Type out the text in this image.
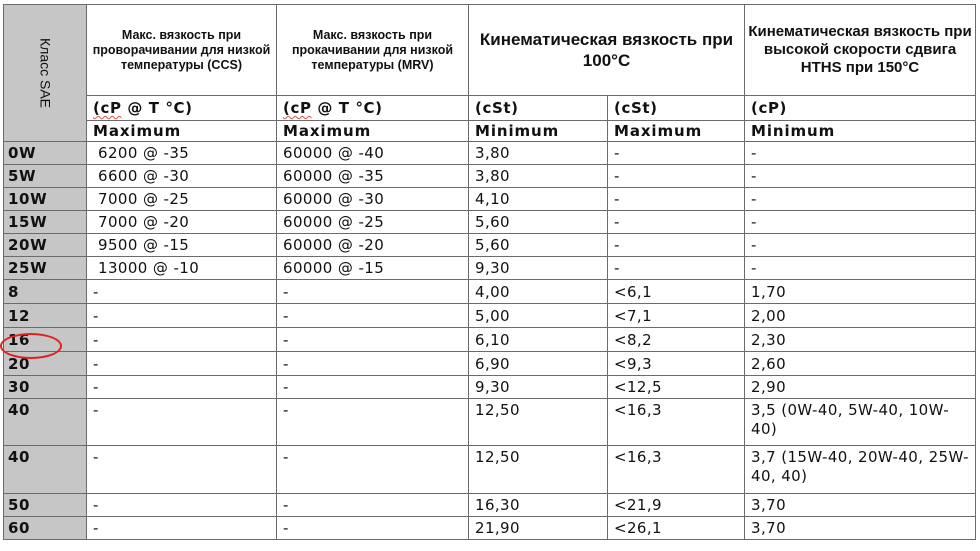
Класс SAE	Макс. вязкость при проворачивании для низкой температуры (CCS)	Макс. вязкость при прокачивании для низкой температуры (MRV)	Кинематическая вязкость при 100°C		Кинематическая вязкость при высокой скорости сдвига HTHS при 150°C
	(cP @ T °C)	(cP @ T °C)	(cSt)	(cSt)	(cP)
	Maximum	Maximum	Minimum	Maximum	Minimum
0W	6200 @ -35	60000 @ -40	3,80	-	-
5W	6600 @ -30	60000 @ -35	3,80	-	-
10W	7000 @ -25	60000 @ -30	4,10	-	-
15W	7000 @ -20	60000 @ -25	5,60	-	-
20W	9500 @ -15	60000 @ -20	5,60	-	-
25W	13000 @ -10	60000 @ -15	9,30	-	-
8	-	-	4,00	<6,1	1,70
12	-	-	5,00	<7,1	2,00
16	-	-	6,10	<8,2	2,30
20	-	-	6,90	<9,3	2,60
30	-	-	9,30	<12,5	2,90
40	-	-	12,50	<16,3	3,5 (0W-40, 5W-40, 10W-40)
40	-	-	12,50	<16,3	3,7 (15W-40, 20W-40, 25W-40, 40)
50	-	-	16,30	<21,9	3,70
60	-	-	21,90	<26,1	3,70
